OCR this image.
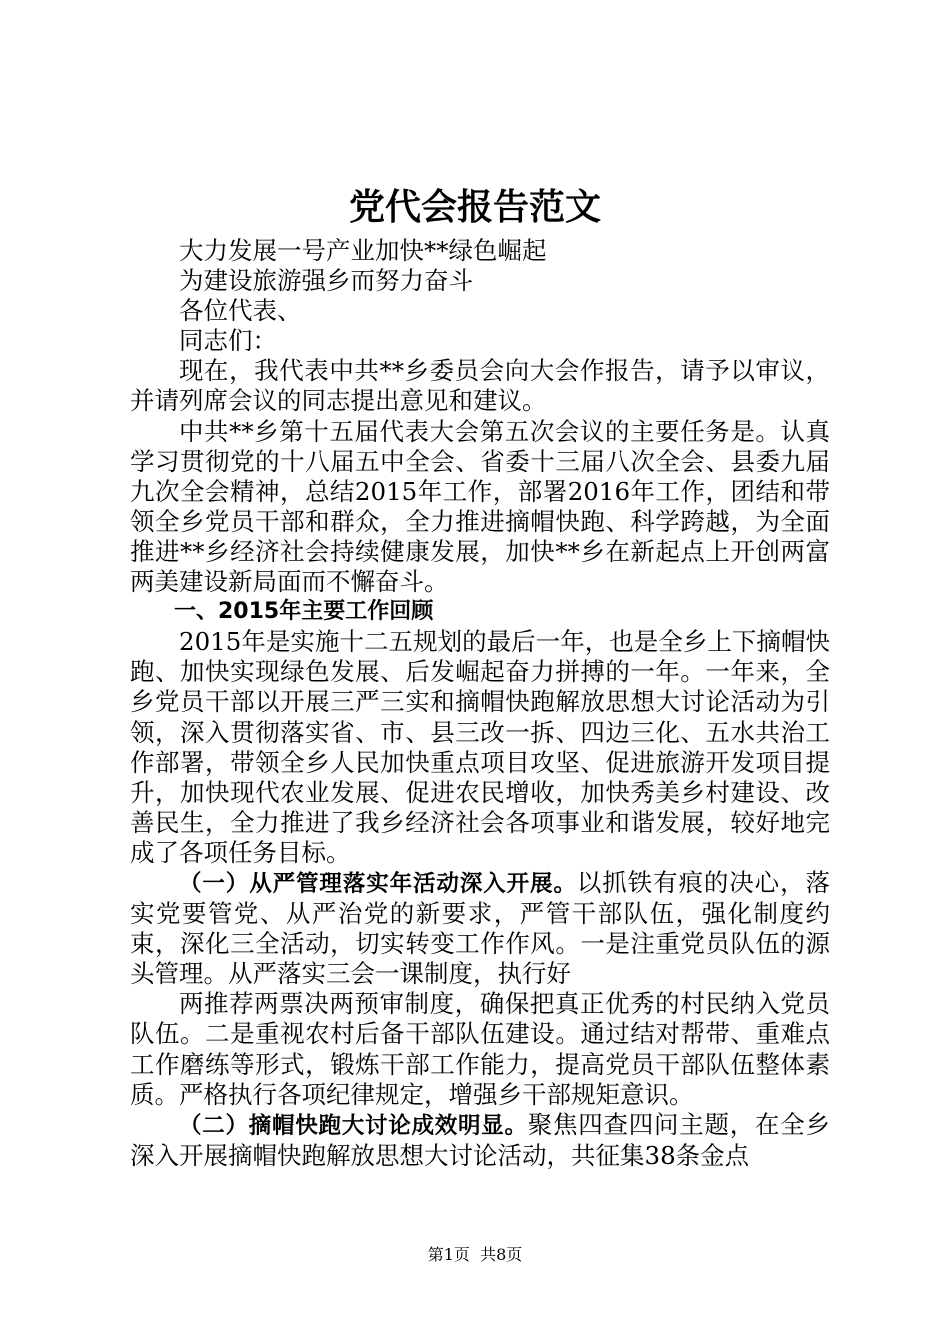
党代会报告范文

大力发展一号产业加快**绿色崛起

为建设旅游强乡而努力奋斗

各位代表、

同志们：

现在，我代表中共**乡委员会向大会作报告，请予以审议，并请列席会议的同志提出意见和建议。

中共**乡第十五届代表大会第五次会议的主要任务是。认真学习贯彻党的十八届五中全会、省委十三届八次全会、县委九届九次全会精神，总结2015年工作，部署2016年工作，团结和带领全乡党员干部和群众，全力推进摘帽快跑、科学跨越，为全面推进**乡经济社会持续健康发展，加快**乡在新起点上开创两富两美建设新局面而不懈奋斗。

一、2015年主要工作回顾

2015年是实施十二五规划的最后一年，也是全乡上下摘帽快跑、加快实现绿色发展、后发崛起奋力拼搏的一年。一年来，全乡党员干部以开展三严三实和摘帽快跑解放思想大讨论活动为引领，深入贯彻落实省、市、县三改一拆、四边三化、五水共治工作部署，带领全乡人民加快重点项目攻坚、促进旅游开发项目提升，加快现代农业发展、促进农民增收，加快秀美乡村建设、改善民生，全力推进了我乡经济社会各项事业和谐发展，较好地完成了各项任务目标。

（一）从严管理落实年活动深入开展。以抓铁有痕的决心，落实党要管党、从严治党的新要求，严管干部队伍，强化制度约束，深化三全活动，切实转变工作作风。一是注重党员队伍的源头管理。从严落实三会一课制度，执行好

两推荐两票决两预审制度，确保把真正优秀的村民纳入党员队伍。二是重视农村后备干部队伍建设。通过结对帮带、重难点工作磨练等形式，锻炼干部工作能力，提高党员干部队伍整体素质。严格执行各项纪律规定，增强乡干部规矩意识。

（二）摘帽快跑大讨论成效明显。聚焦四查四问主题，在全乡深入开展摘帽快跑解放思想大讨论活动，共征集38条金点

第1页 共8页
